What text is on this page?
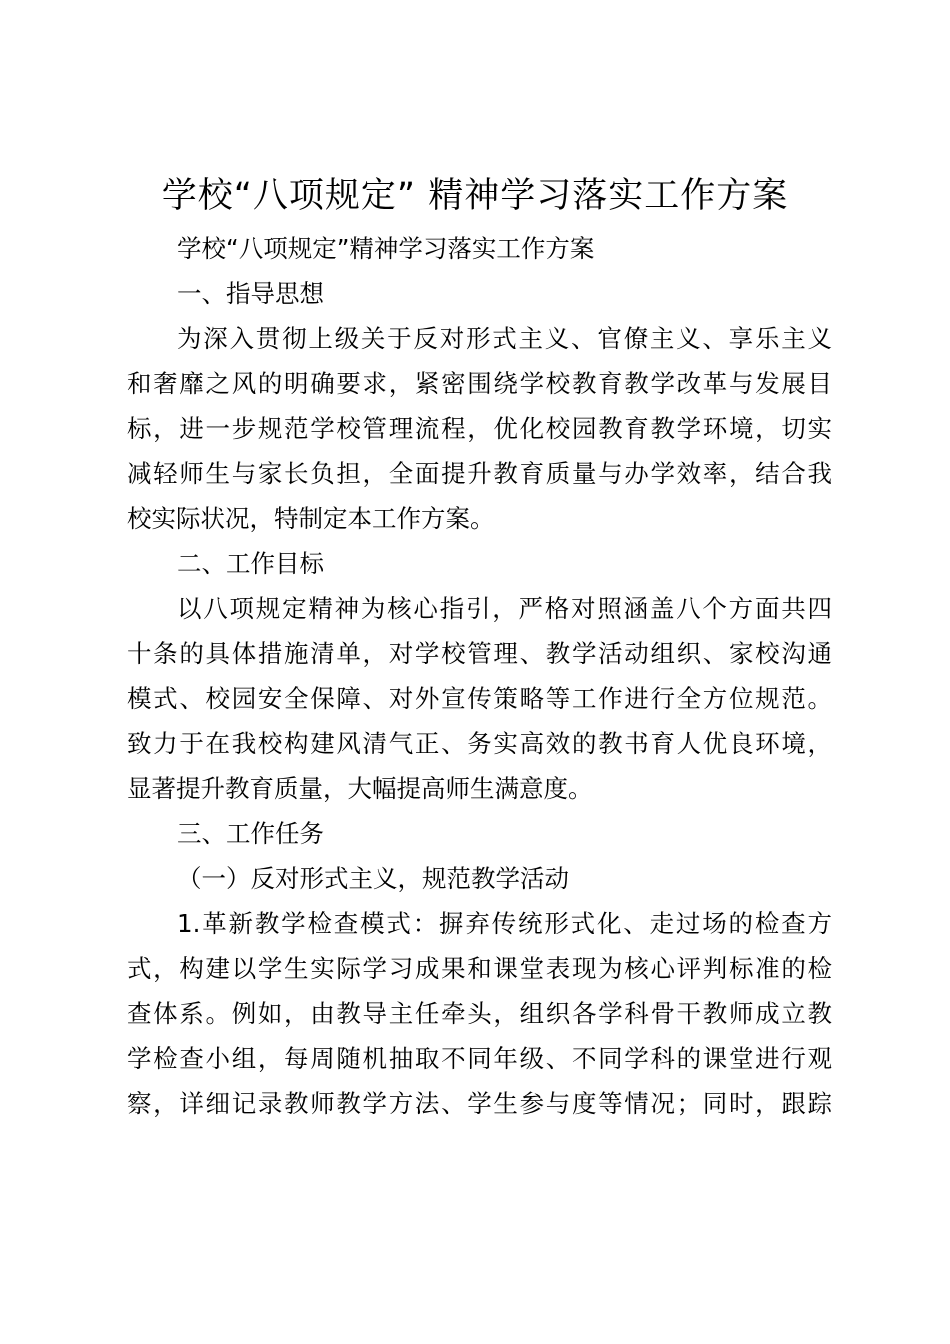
学校“八项规定” 精神学习落实工作方案
学校“八项规定”精神学习落实工作方案
一、指导思想
为深入贯彻上级关于反对形式主义、官僚主义、享乐主义
和奢靡之风的明确要求，紧密围绕学校教育教学改革与发展目
标，进一步规范学校管理流程，优化校园教育教学环境，切实
减轻师生与家长负担，全面提升教育质量与办学效率，结合我
校实际状况，特制定本工作方案。
二、工作目标
以八项规定精神为核心指引，严格对照涵盖八个方面共四
十条的具体措施清单，对学校管理、教学活动组织、家校沟通
模式、校园安全保障、对外宣传策略等工作进行全方位规范。
致力于在我校构建风清气正、务实高效的教书育人优良环境，
显著提升教育质量，大幅提高师生满意度。
三、工作任务
（一）反对形式主义，规范教学活动
1.革新教学检查模式：摒弃传统形式化、走过场的检查方
式，构建以学生实际学习成果和课堂表现为核心评判标准的检
查体系。例如，由教导主任牵头，组织各学科骨干教师成立教
学检查小组，每周随机抽取不同年级、不同学科的课堂进行观
察，详细记录教师教学方法、学生参与度等情况；同时，跟踪
